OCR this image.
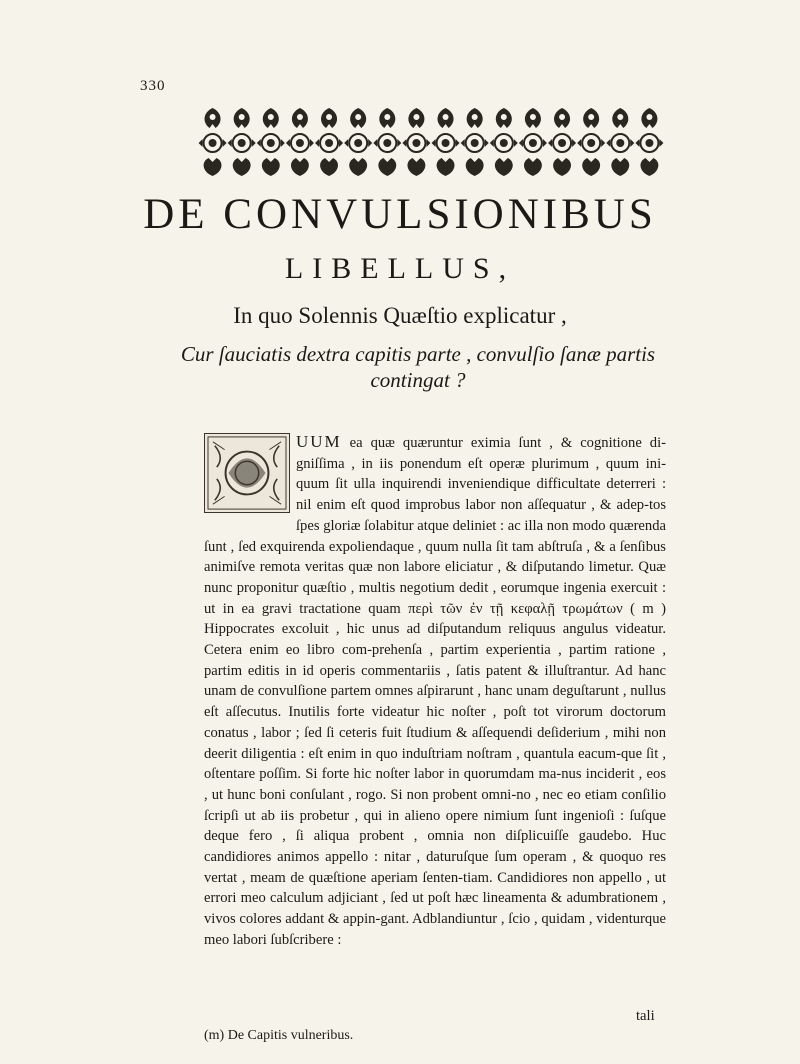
330
DE CONVULSIONIBUS
LIBELLUS,
In quo Solennis Quæſtio explicatur ,
Cur ſauciatis dextra capitis parte , convulſio ſanæ partis contingat ?
UUM ea quæ quæruntur eximia ſunt , & cognitione di-gniſſima , in iis ponendum eſt operæ plurimum , quum ini-quum ſit ulla inquirendi inveniendique difficultate deterreri : nil enim eſt quod improbus labor non aſſequatur , & adep-tos ſpes gloriæ ſolabitur atque deliniet : ac illa non modo quærenda ſunt , ſed exquirenda expoliendaque , quum nulla ſit tam abſtruſa , & a ſenſibus animiſve remota veritas quæ non labore eliciatur , & diſputando limetur. Quæ nunc proponitur quæſtio , multis negotium dedit , eorumque ingenia exercuit : ut in ea gravi tractatione quam περὶ τῶν ἐν τῇ κεφαλῇ τρωμάτων ( m ) Hippocrates excoluit , hic unus ad diſputandum reliquus angulus videatur. Cetera enim eo libro com-prehenſa , partim experientia , partim ratione , partim editis in id operis commentariis , ſatis patent & illuſtrantur. Ad hanc unam de convulſione partem omnes aſpirarunt , hanc unam deguſtarunt , nullus eſt aſſecutus. Inutilis forte videatur hic noſter , poſt tot virorum doctorum conatus , labor ; ſed ſi ceteris fuit ſtudium & aſſequendi deſiderium , mihi non deerit diligentia : eſt enim in quo induſtriam noſtram , quantula eacum-que ſit , oſtentare poſſim. Si forte hic noſter labor in quorumdam ma-nus inciderit , eos , ut hunc boni conſulant , rogo. Si non probent omni-no , nec eo etiam conſilio ſcripſi ut ab iis probetur , qui in alieno opere nimium ſunt ingenioſi : ſuſque deque fero , ſi aliqua probent , omnia non diſplicuiſſe gaudebo. Huc candidiores animos appello : nitar , daturuſque ſum operam , & quoquo res vertat , meam de quæſtione aperiam ſenten-tiam. Candidiores non appello , ut errori meo calculum adjiciant , ſed ut poſt hæc lineamenta & adumbrationem , vivos colores addant & appin-gant. Adblandiuntur , ſcio , quidam , videnturque meo labori ſubſcribere :
tali
(m) De Capitis vulneribus.
